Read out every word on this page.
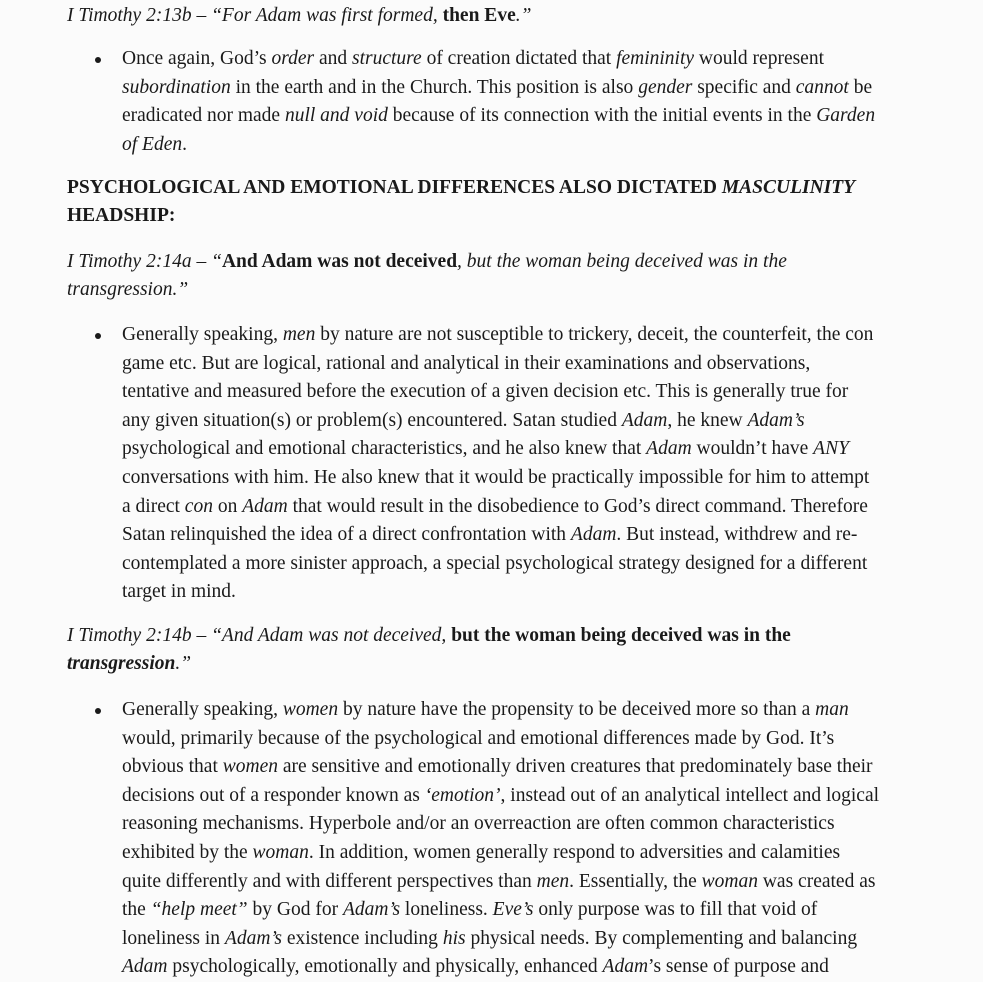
I Timothy 2:13b – “For Adam was first formed, then Eve.”

Once again, God’s order and structure of creation dictated that femininity would represent
subordination in the earth and in the Church. This position is also gender specific and cannot be
eradicated nor made null and void because of its connection with the initial events in the Garden
of Eden.

PSYCHOLOGICAL AND EMOTIONAL DIFFERENCES ALSO DICTATED MASCULINITY

HEADSHIP:

I Timothy 2:14a – “And Adam was not deceived, but the woman being deceived was in the

transgression.”

Generally speaking, men by nature are not susceptible to trickery, deceit, the counterfeit, the con
game etc. But are logical, rational and analytical in their examinations and observations,
tentative and measured before the execution of a given decision etc. This is generally true for
any given situation(s) or problem(s) encountered. Satan studied Adam, he knew Adam’s
psychological and emotional characteristics, and he also knew that Adam wouldn’t have ANY
conversations with him. He also knew that it would be practically impossible for him to attempt
a direct con on Adam that would result in the disobedience to God’s direct command. Therefore
Satan relinquished the idea of a direct confrontation with Adam. But instead, withdrew and re-
contemplated a more sinister approach, a special psychological strategy designed for a different
target in mind.

I Timothy 2:14b – “And Adam was not deceived, but the woman being deceived was in the

transgression.”

Generally speaking, women by nature have the propensity to be deceived more so than a man
would, primarily because of the psychological and emotional differences made by God. It’s
obvious that women are sensitive and emotionally driven creatures that predominately base their
decisions out of a responder known as ‘emotion’, instead out of an analytical intellect and logical
reasoning mechanisms. Hyperbole and/or an overreaction are often common characteristics
exhibited by the woman. In addition, women generally respond to adversities and calamities
quite differently and with different perspectives than men. Essentially, the woman was created as
the “help meet” by God for Adam’s loneliness. Eve’s only purpose was to fill that void of
loneliness in Adam’s existence including his physical needs. By complementing and balancing
Adam psychologically, emotionally and physically, enhanced Adam’s sense of purpose and
